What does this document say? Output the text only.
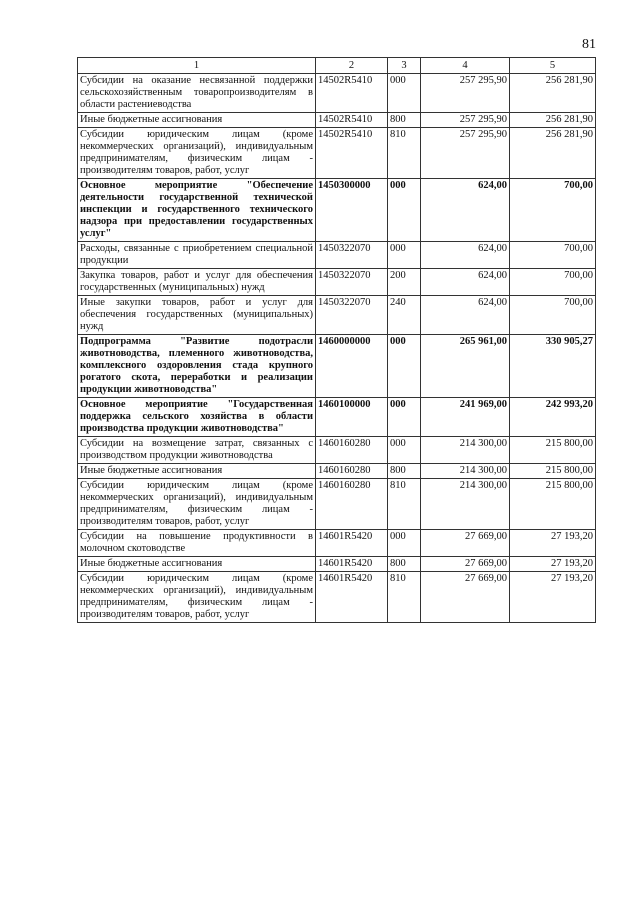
81
1	2	3	4	5
Субсидии на оказание несвязанной поддержки сельскохозяйственным товаропроизводителям в области растениеводства	14502R5410	000	257 295,90	256 281,90
Иные бюджетные ассигнования	14502R5410	800	257 295,90	256 281,90
Субсидии юридическим лицам (кроме некоммерческих организаций), индивидуальным предпринимателям, физическим лицам - производителям товаров, работ, услуг	14502R5410	810	257 295,90	256 281,90
Основное мероприятие "Обеспечение деятельности государственной технической инспекции и государственного технического надзора при предоставлении государственных услуг"	1450300000	000	624,00	700,00
Расходы, связанные с приобретением специальной продукции	1450322070	000	624,00	700,00
Закупка товаров, работ и услуг для обеспечения государственных (муниципальных) нужд	1450322070	200	624,00	700,00
Иные закупки товаров, работ и услуг для обеспечения государственных (муниципальных) нужд	1450322070	240	624,00	700,00
Подпрограмма "Развитие подотрасли животноводства, племенного животноводства, комплексного оздоровления стада крупного рогатого скота, переработки и реализации продукции животноводства"	1460000000	000	265 961,00	330 905,27
Основное мероприятие "Государственная поддержка сельского хозяйства в области производства продукции животноводства"	1460100000	000	241 969,00	242 993,20
Субсидии на возмещение затрат, связанных с производством продукции животноводства	1460160280	000	214 300,00	215 800,00
Иные бюджетные ассигнования	1460160280	800	214 300,00	215 800,00
Субсидии юридическим лицам (кроме некоммерческих организаций), индивидуальным предпринимателям, физическим лицам - производителям товаров, работ, услуг	1460160280	810	214 300,00	215 800,00
Субсидии на повышение продуктивности в молочном скотоводстве	14601R5420	000	27 669,00	27 193,20
Иные бюджетные ассигнования	14601R5420	800	27 669,00	27 193,20
Субсидии юридическим лицам (кроме некоммерческих организаций), индивидуальным предпринимателям, физическим лицам - производителям товаров, работ, услуг	14601R5420	810	27 669,00	27 193,20
